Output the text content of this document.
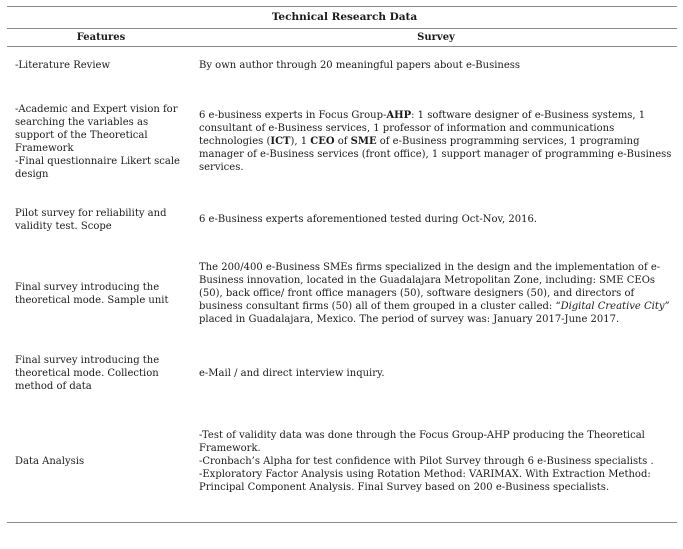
Technical Research Data	
Features	Survey
-Literature Review	By own author through 20 meaningful papers about e-Business

-Academic and Expert vision for searching the variables as support of the Theoretical Framework
-Final questionnaire Likert scale design	6 e-business experts in Focus Group-AHP: 1 software designer of e-Business systems, 1 consultant of e-Business services, 1 professor of information and communications technologies (ICT), 1 CEO of SME of e-Business programming services, 1 programing manager of e-Business services (front office), 1 support manager of programming e-Business services.
Pilot survey for reliability and validity test. Scope	6 e-Business experts aforementioned tested during Oct-Nov, 2016.
Final survey introducing the theoretical mode. Sample unit	The 200/400 e-Business SMEs firms specialized in the design and the implementation of e-Business innovation, located in the Guadalajara Metropolitan Zone, including: SME CEOs (50), back office/ front office managers (50), software designers (50), and directors of business consultant firms (50) all of them grouped in a cluster called: “Digital Creative City” placed in Guadalajara, Mexico. The period of survey was: January 2017-June 2017.
Final survey introducing the theoretical mode. Collection method of data	e-Mail / and direct interview inquiry.
Data Analysis	-Test of validity data was done through the Focus Group-AHP producing the Theoretical Framework.
-Cronbach’s Alpha for test confidence with Pilot Survey through 6 e-Business specialists .
-Exploratory Factor Analysis using Rotation Method: VARIMAX. With Extraction Method: Principal Component Analysis. Final Survey based on 200 e-Business specialists.
